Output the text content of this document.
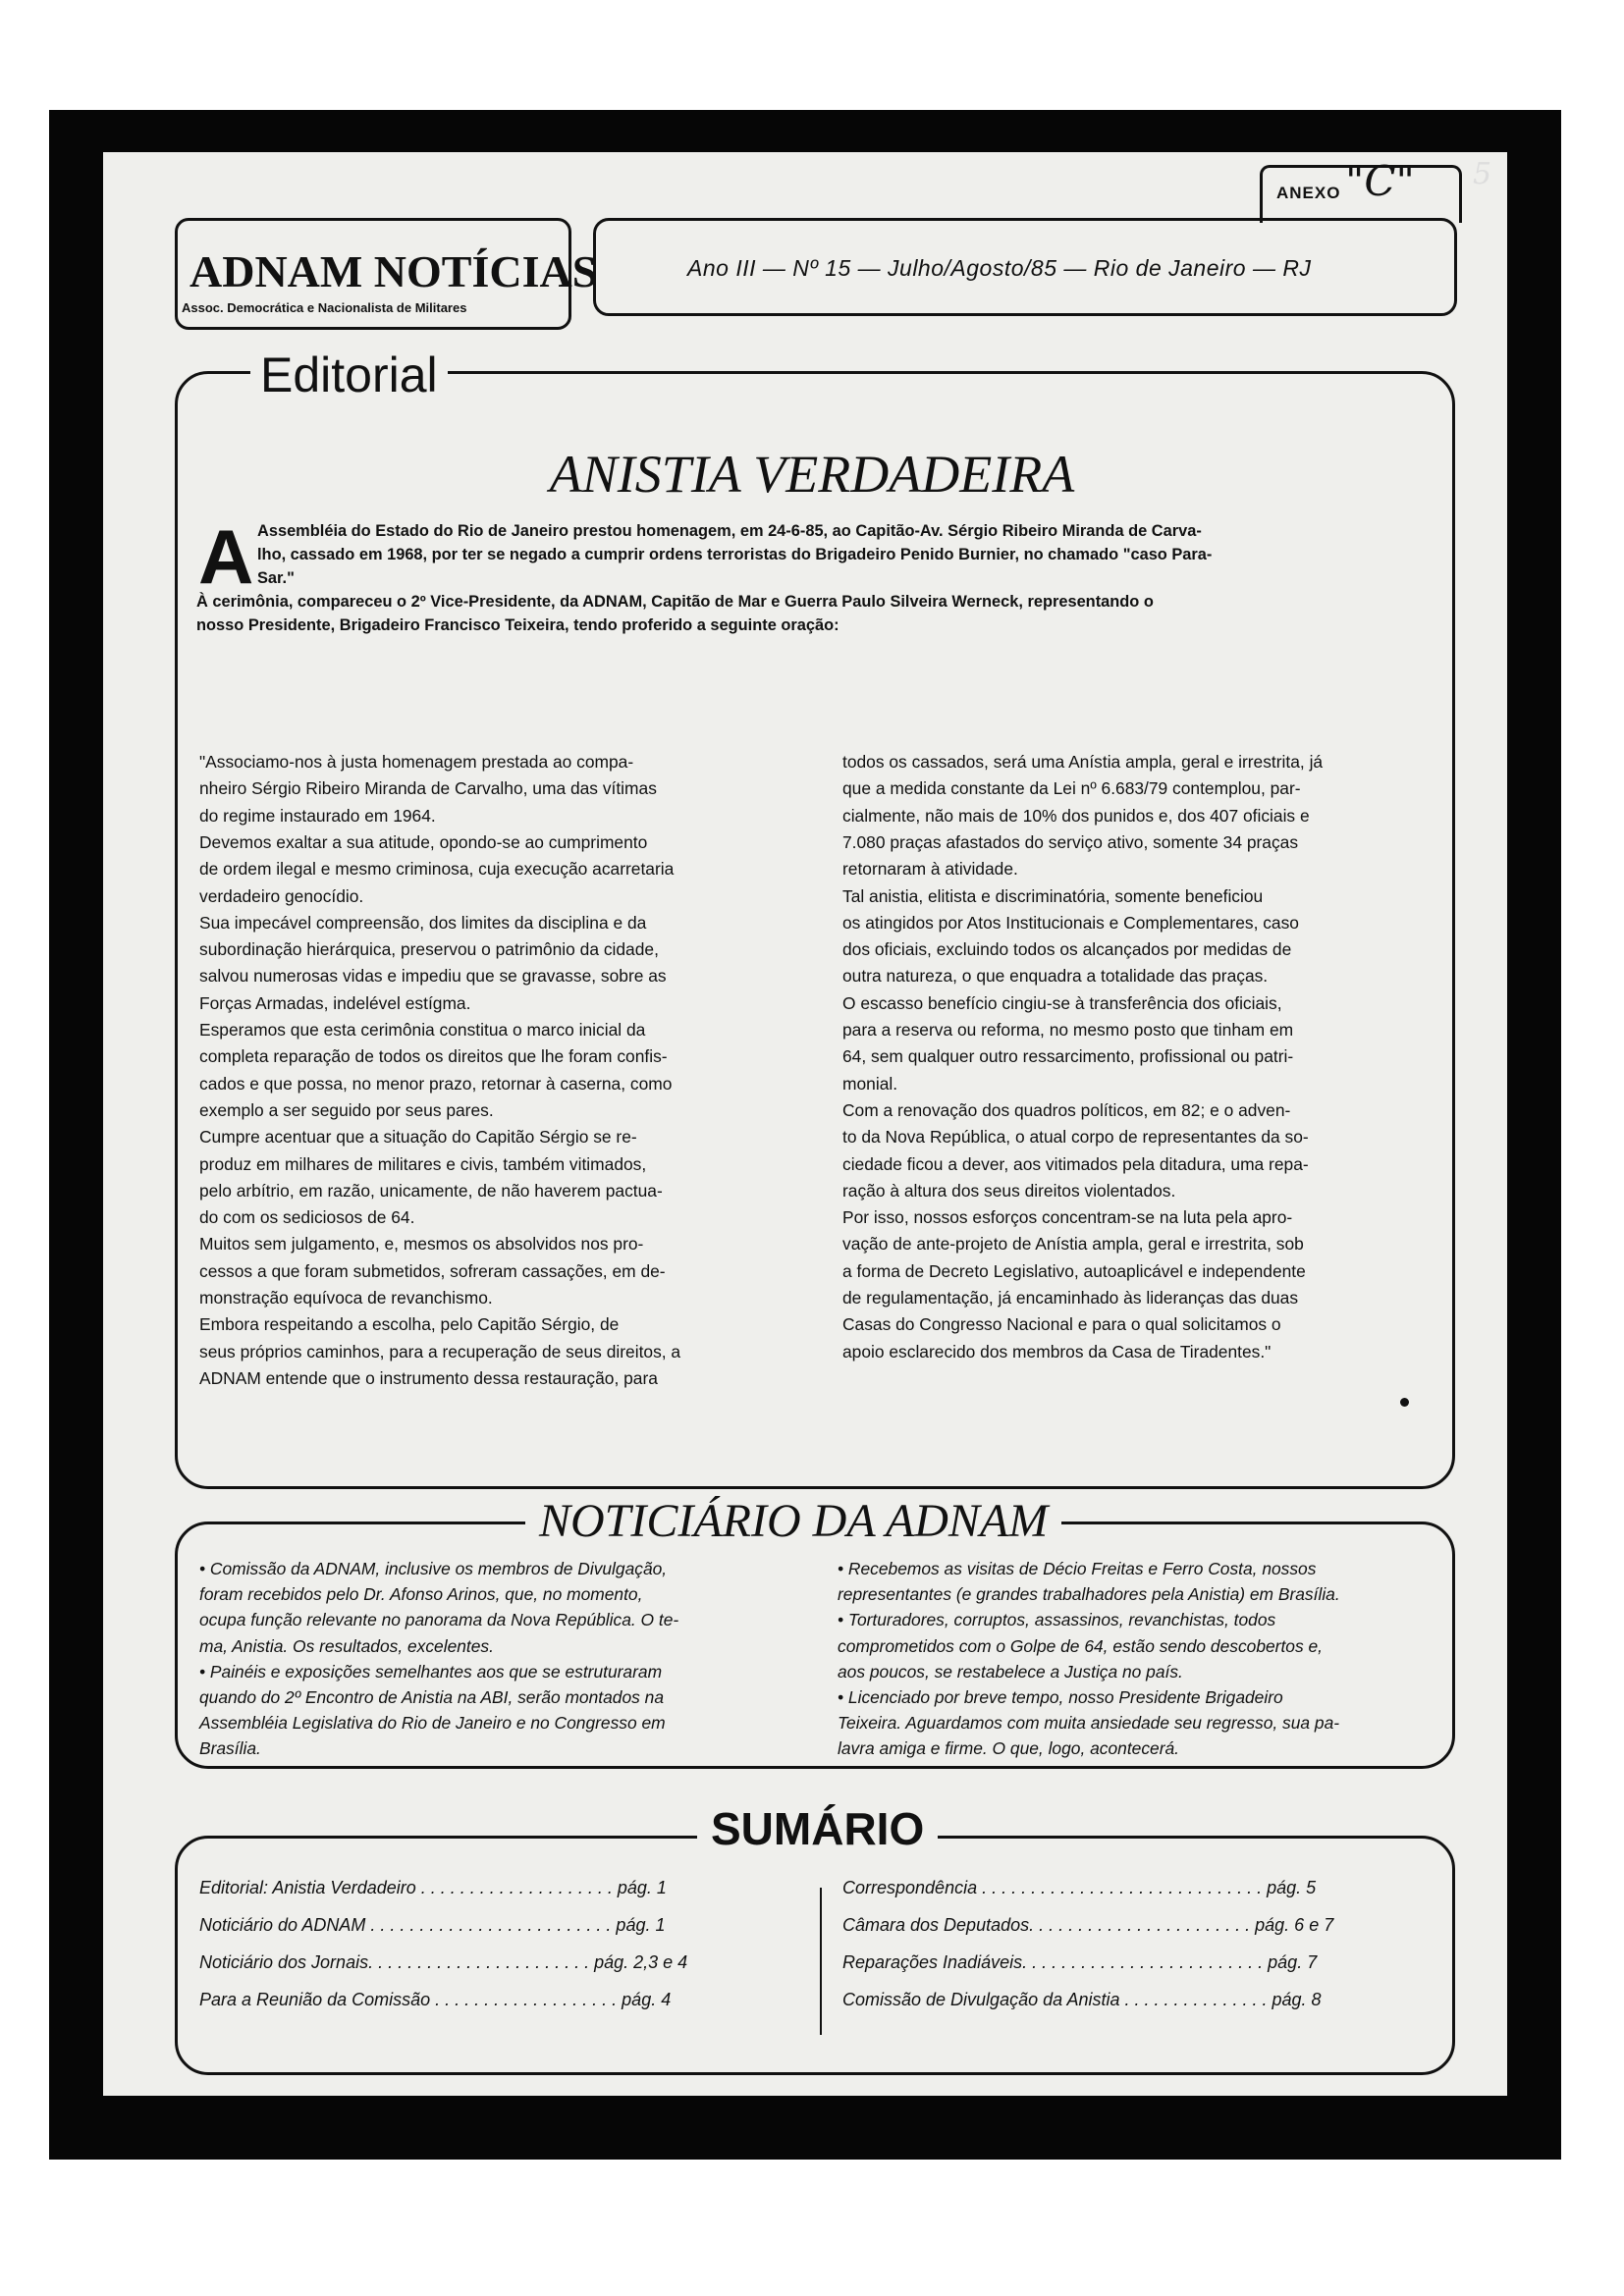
ANEXO "C" 5
ADNAM NOTÍCIAS
Assoc. Democrática e Nacionalista de Militares
Ano III — Nº 15 — Julho/Agosto/85 — Rio de Janeiro — RJ
Editorial
ANISTIA VERDADEIRA
A Assembléia do Estado do Rio de Janeiro prestou homenagem, em 24-6-85, ao Capitão-Av. Sérgio Ribeiro Miranda de Carva-
lho, cassado em 1968, por ter se negado a cumprir ordens terroristas do Brigadeiro Penido Burnier, no chamado "caso Para-
Sar."
À cerimônia, compareceu o 2º Vice-Presidente, da ADNAM, Capitão de Mar e Guerra Paulo Silveira Werneck, representando o
nosso Presidente, Brigadeiro Francisco Teixeira, tendo proferido a seguinte oração:
"Associamo-nos à justa homenagem prestada ao compa-
nheiro Sérgio Ribeiro Miranda de Carvalho, uma das vítimas
do regime instaurado em 1964.
Devemos exaltar a sua atitude, opondo-se ao cumprimento
de ordem ilegal e mesmo criminosa, cuja execução acarretaria
verdadeiro genocídio.
Sua impecável compreensão, dos limites da disciplina e da
subordinação hierárquica, preservou o patrimônio da cidade,
salvou numerosas vidas e impediu que se gravasse, sobre as
Forças Armadas, indelével estígma.
Esperamos que esta cerimônia constitua o marco inicial da
completa reparação de todos os direitos que lhe foram confis-
cados e que possa, no menor prazo, retornar à caserna, como
exemplo a ser seguido por seus pares.
Cumpre acentuar que a situação do Capitão Sérgio se re-
produz em milhares de militares e civis, também vitimados,
pelo arbítrio, em razão, unicamente, de não haverem pactua-
do com os sediciosos de 64.
Muitos sem julgamento, e, mesmos os absolvidos nos pro-
cessos a que foram submetidos, sofreram cassações, em de-
monstração equívoca de revanchismo.
Embora respeitando a escolha, pelo Capitão Sérgio, de
seus próprios caminhos, para a recuperação de seus direitos, a
ADNAM entende que o instrumento dessa restauração, para
todos os cassados, será uma Anístia ampla, geral e irrestrita, já
que a medida constante da Lei nº 6.683/79 contemplou, par-
cialmente, não mais de 10% dos punidos e, dos 407 oficiais e
7.080 praças afastados do serviço ativo, somente 34 praças
retornaram à atividade.
Tal anistia, elitista e discriminatória, somente beneficiou
os atingidos por Atos Institucionais e Complementares, caso
dos oficiais, excluindo todos os alcançados por medidas de
outra natureza, o que enquadra a totalidade das praças.
O escasso benefício cingiu-se à transferência dos oficiais,
para a reserva ou reforma, no mesmo posto que tinham em
64, sem qualquer outro ressarcimento, profissional ou patri-
monial.
Com a renovação dos quadros políticos, em 82; e o adven-
to da Nova República, o atual corpo de representantes da so-
ciedade ficou a dever, aos vitimados pela ditadura, uma repa-
ração à altura dos seus direitos violentados.
Por isso, nossos esforços concentram-se na luta pela apro-
vação de ante-projeto de Anístia ampla, geral e irrestrita, sob
a forma de Decreto Legislativo, autoaplicável e independente
de regulamentação, já encaminhado às lideranças das duas
Casas do Congresso Nacional e para o qual solicitamos o
apoio esclarecido dos membros da Casa de Tiradentes."
NOTICIÁRIO DA ADNAM
• Comissão da ADNAM, inclusive os membros de Divulgação,
foram recebidos pelo Dr. Afonso Arinos, que, no momento,
ocupa função relevante no panorama da Nova República. O te-
ma, Anistia. Os resultados, excelentes.
• Painéis e exposições semelhantes aos que se estruturaram
quando do 2º Encontro de Anistia na ABI, serão montados na
Assembléia Legislativa do Rio de Janeiro e no Congresso em
Brasília.
• Recebemos as visitas de Décio Freitas e Ferro Costa, nossos
representantes (e grandes trabalhadores pela Anistia) em Brasília.
• Torturadores, corruptos, assassinos, revanchistas, todos
comprometidos com o Golpe de 64, estão sendo descobertos e,
aos poucos, se restabelece a Justiça no país.
• Licenciado por breve tempo, nosso Presidente Brigadeiro
Teixeira. Aguardamos com muita ansiedade seu regresso, sua pa-
lavra amiga e firme. O que, logo, acontecerá.
SUMÁRIO
Editorial: Anistia Verdadeiro . . . . . . . . . . . . . . . . . . . . pág. 1
Noticiário do ADNAM . . . . . . . . . . . . . . . . . . . . . . . . . pág. 1
Noticiário dos Jornais. . . . . . . . . . . . . . . . . . . . . . . pág. 2,3 e 4
Para a Reunião da Comissão . . . . . . . . . . . . . . . . . . . pág. 4
Correspondência . . . . . . . . . . . . . . . . . . . . . . . . . . . . . pág. 5
Câmara dos Deputados. . . . . . . . . . . . . . . . . . . . . . . pág. 6 e 7
Reparações Inadiáveis. . . . . . . . . . . . . . . . . . . . . . . . . pág. 7
Comissão de Divulgação da Anistia . . . . . . . . . . . . . . . pág. 8
